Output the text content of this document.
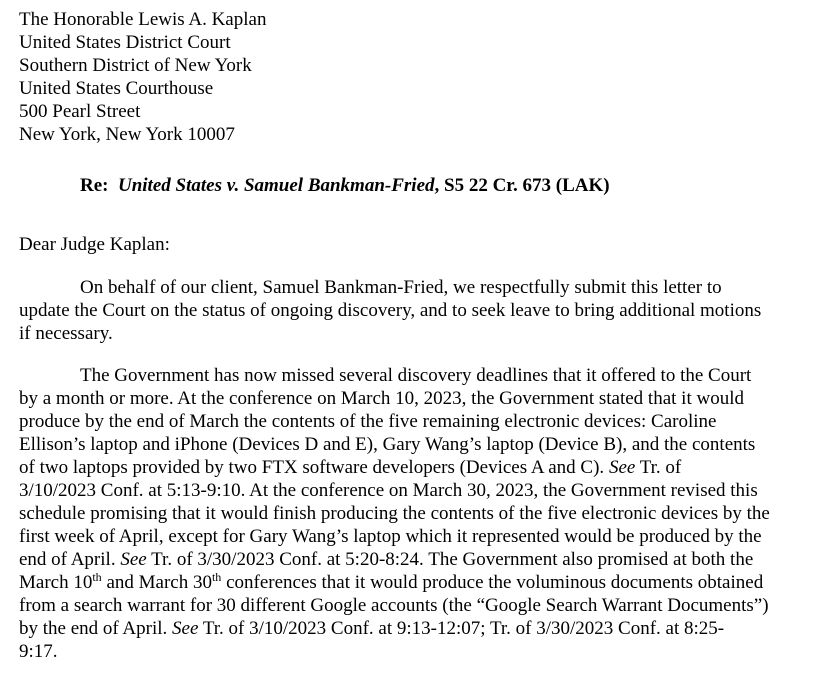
The Honorable Lewis A. Kaplan
United States District Court
Southern District of New York
United States Courthouse
500 Pearl Street
New York, New York 10007
Re: United States v. Samuel Bankman-Fried, S5 22 Cr. 673 (LAK)
Dear Judge Kaplan:
On behalf of our client, Samuel Bankman-Fried, we respectfully submit this letter to
update the Court on the status of ongoing discovery, and to seek leave to bring additional motions
if necessary.
The Government has now missed several discovery deadlines that it offered to the Court
by a month or more. At the conference on March 10, 2023, the Government stated that it would
produce by the end of March the contents of the five remaining electronic devices: Caroline
Ellison’s laptop and iPhone (Devices D and E), Gary Wang’s laptop (Device B), and the contents
of two laptops provided by two FTX software developers (Devices A and C). See Tr. of
3/10/2023 Conf. at 5:13-9:10. At the conference on March 30, 2023, the Government revised this
schedule promising that it would finish producing the contents of the five electronic devices by the
first week of April, except for Gary Wang’s laptop which it represented would be produced by the
end of April. See Tr. of 3/30/2023 Conf. at 5:20-8:24. The Government also promised at both the
March 10th and March 30th conferences that it would produce the voluminous documents obtained
from a search warrant for 30 different Google accounts (the “Google Search Warrant Documents”)
by the end of April. See Tr. of 3/10/2023 Conf. at 9:13-12:07; Tr. of 3/30/2023 Conf. at 8:25-
9:17.
